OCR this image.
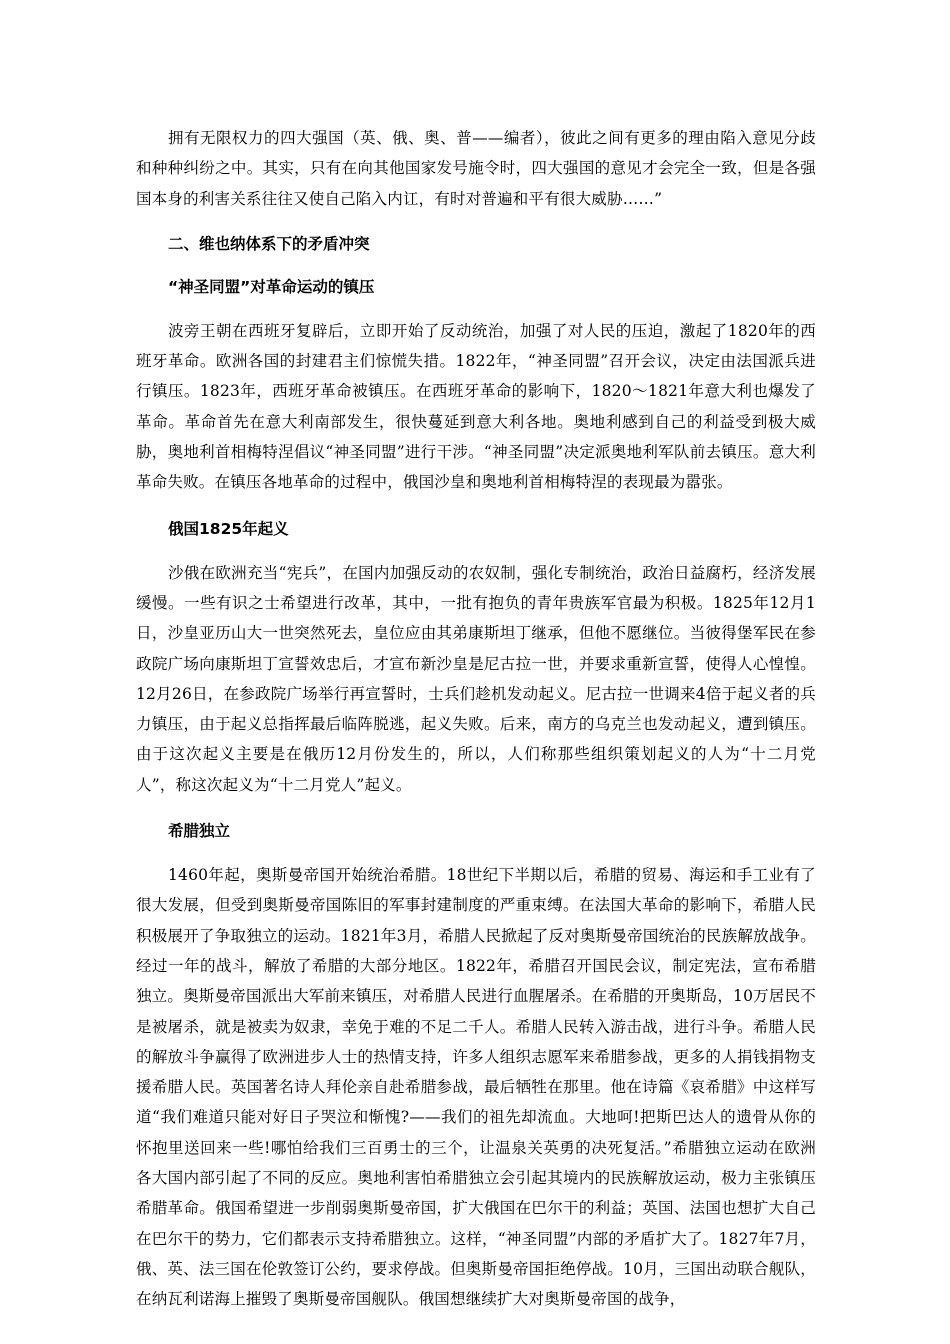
拥有无限权力的四大强国（英、俄、奥、普——编者），彼此之间有更多的理由陷入意见分歧和种种纠纷之中。其实，只有在向其他国家发号施令时，四大强国的意见才会完全一致，但是各强国本身的利害关系往往又使自己陷入内讧，有时对普遍和平有很大威胁……”

二、维也纳体系下的矛盾冲突

“神圣同盟”对革命运动的镇压

波旁王朝在西班牙复辟后，立即开始了反动统治，加强了对人民的压迫，激起了1820年的西班牙革命。欧洲各国的封建君主们惊慌失措。1822年，“神圣同盟”召开会议，决定由法国派兵进行镇压。1823年，西班牙革命被镇压。在西班牙革命的影响下，1820～1821年意大利也爆发了革命。革命首先在意大利南部发生，很快蔓延到意大利各地。奥地利感到自己的利益受到极大威胁，奥地利首相梅特涅倡议“神圣同盟”进行干涉。“神圣同盟”决定派奥地利军队前去镇压。意大利革命失败。在镇压各地革命的过程中，俄国沙皇和奥地利首相梅特涅的表现最为嚣张。

俄国1825年起义

沙俄在欧洲充当“宪兵”，在国内加强反动的农奴制，强化专制统治，政治日益腐朽，经济发展缓慢。一些有识之士希望进行改革，其中，一批有抱负的青年贵族军官最为积极。1825年12月1日，沙皇亚历山大一世突然死去，皇位应由其弟康斯坦丁继承，但他不愿继位。当彼得堡军民在参政院广场向康斯坦丁宣誓效忠后，才宣布新沙皇是尼古拉一世，并要求重新宣誓，使得人心惶惶。12月26日，在参政院广场举行再宣誓时，士兵们趁机发动起义。尼古拉一世调来4倍于起义者的兵力镇压，由于起义总指挥最后临阵脱逃，起义失败。后来，南方的乌克兰也发动起义，遭到镇压。由于这次起义主要是在俄历12月份发生的，所以，人们称那些组织策划起义的人为“十二月党人”，称这次起义为“十二月党人”起义。

希腊独立

1460年起，奥斯曼帝国开始统治希腊。18世纪下半期以后，希腊的贸易、海运和手工业有了很大发展，但受到奥斯曼帝国陈旧的军事封建制度的严重束缚。在法国大革命的影响下，希腊人民积极展开了争取独立的运动。1821年3月，希腊人民掀起了反对奥斯曼帝国统治的民族解放战争。经过一年的战斗，解放了希腊的大部分地区。1822年，希腊召开国民会议，制定宪法，宣布希腊独立。奥斯曼帝国派出大军前来镇压，对希腊人民进行血腥屠杀。在希腊的开奥斯岛，10万居民不是被屠杀，就是被卖为奴隶，幸免于难的不足二千人。希腊人民转入游击战，进行斗争。希腊人民的解放斗争赢得了欧洲进步人士的热情支持，许多人组织志愿军来希腊参战，更多的人捐钱捐物支援希腊人民。英国著名诗人拜伦亲自赴希腊参战，最后牺牲在那里。他在诗篇《哀希腊》中这样写道“我们难道只能对好日子哭泣和惭愧?——我们的祖先却流血。大地呵!把斯巴达人的遗骨从你的怀抱里送回来一些!哪怕给我们三百勇士的三个，让温泉关英勇的决死复活。”希腊独立运动在欧洲各大国内部引起了不同的反应。奥地利害怕希腊独立会引起其境内的民族解放运动，极力主张镇压希腊革命。俄国希望进一步削弱奥斯曼帝国，扩大俄国在巴尔干的利益；英国、法国也想扩大自己在巴尔干的势力，它们都表示支持希腊独立。这样，“神圣同盟”内部的矛盾扩大了。1827年7月，俄、英、法三国在伦敦签订公约，要求停战。但奥斯曼帝国拒绝停战。10月，三国出动联合舰队，在纳瓦利诺海上摧毁了奥斯曼帝国舰队。俄国想继续扩大对奥斯曼帝国的战争，
